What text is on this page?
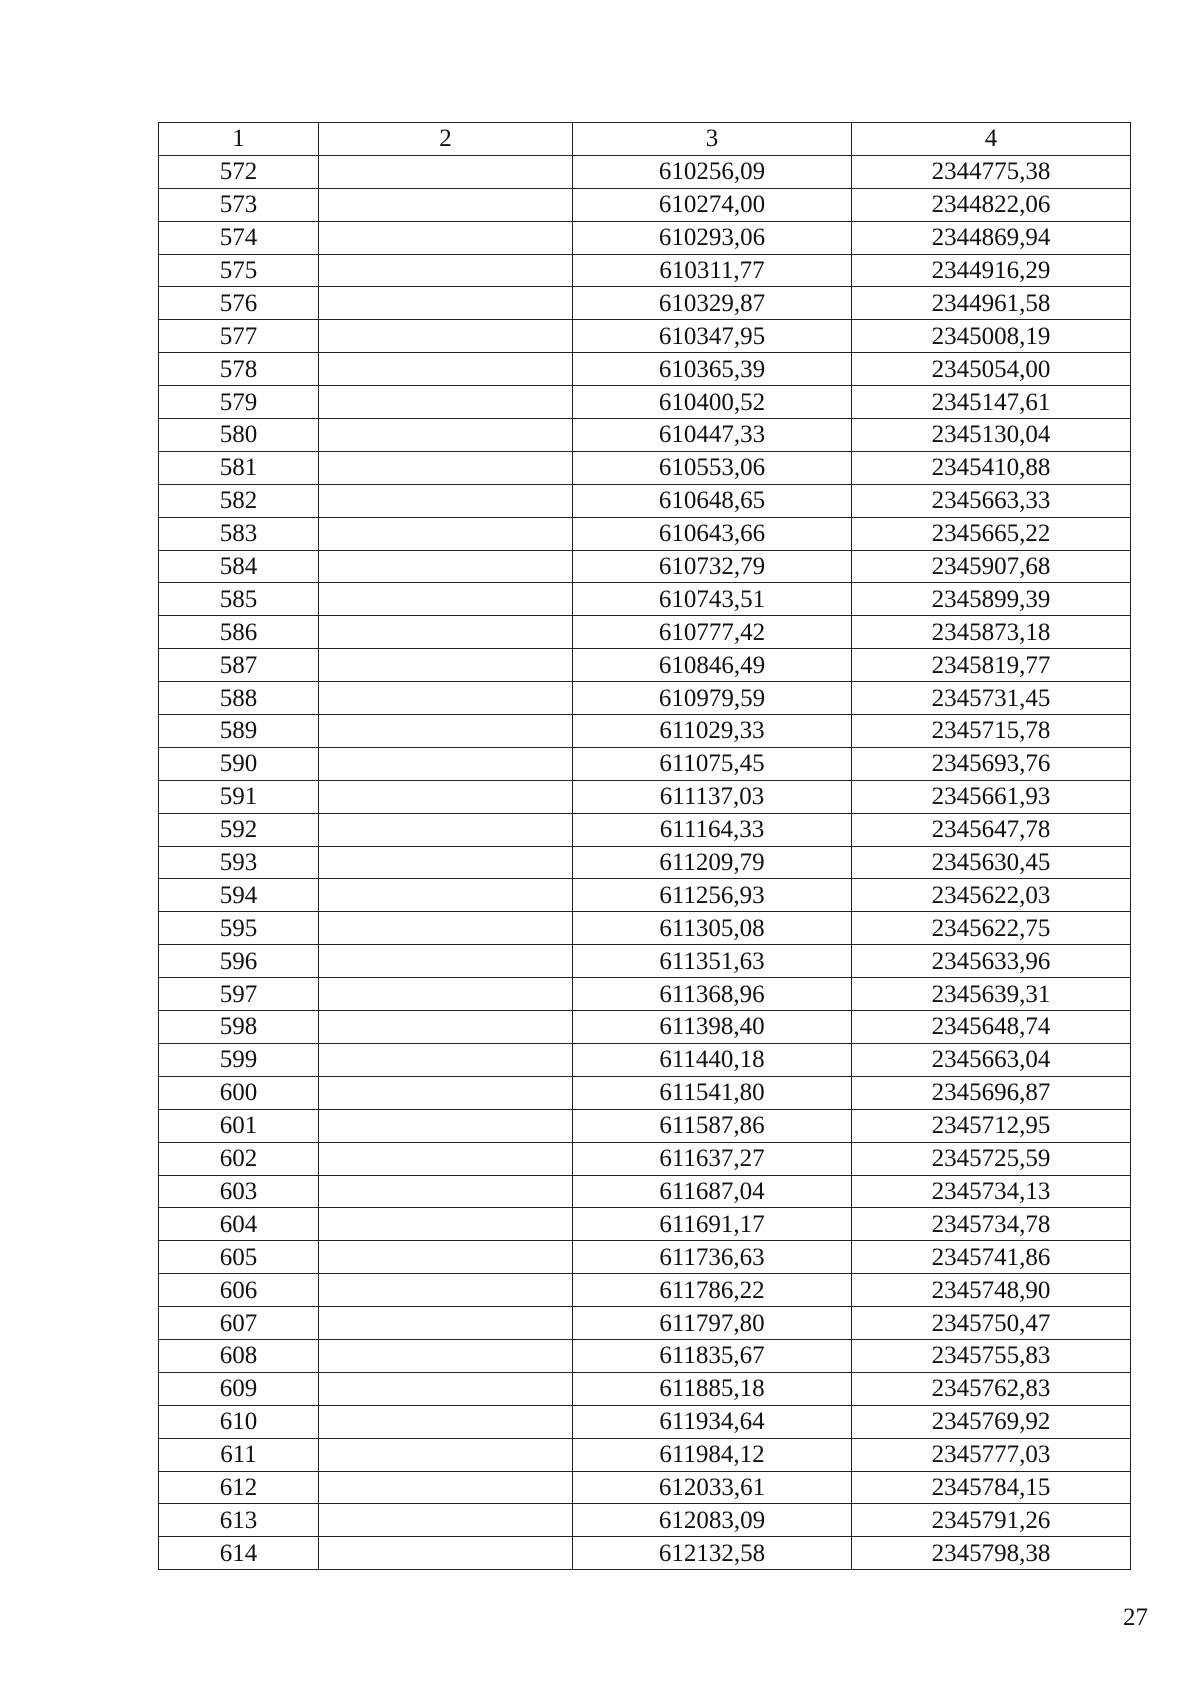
1	2	3	4
572		610256,09	2344775,38
573		610274,00	2344822,06
574		610293,06	2344869,94
575		610311,77	2344916,29
576		610329,87	2344961,58
577		610347,95	2345008,19
578		610365,39	2345054,00
579		610400,52	2345147,61
580		610447,33	2345130,04
581		610553,06	2345410,88
582		610648,65	2345663,33
583		610643,66	2345665,22
584		610732,79	2345907,68
585		610743,51	2345899,39
586		610777,42	2345873,18
587		610846,49	2345819,77
588		610979,59	2345731,45
589		611029,33	2345715,78
590		611075,45	2345693,76
591		611137,03	2345661,93
592		611164,33	2345647,78
593		611209,79	2345630,45
594		611256,93	2345622,03
595		611305,08	2345622,75
596		611351,63	2345633,96
597		611368,96	2345639,31
598		611398,40	2345648,74
599		611440,18	2345663,04
600		611541,80	2345696,87
601		611587,86	2345712,95
602		611637,27	2345725,59
603		611687,04	2345734,13
604		611691,17	2345734,78
605		611736,63	2345741,86
606		611786,22	2345748,90
607		611797,80	2345750,47
608		611835,67	2345755,83
609		611885,18	2345762,83
610		611934,64	2345769,92
611		611984,12	2345777,03
612		612033,61	2345784,15
613		612083,09	2345791,26
614		612132,58	2345798,38
27
